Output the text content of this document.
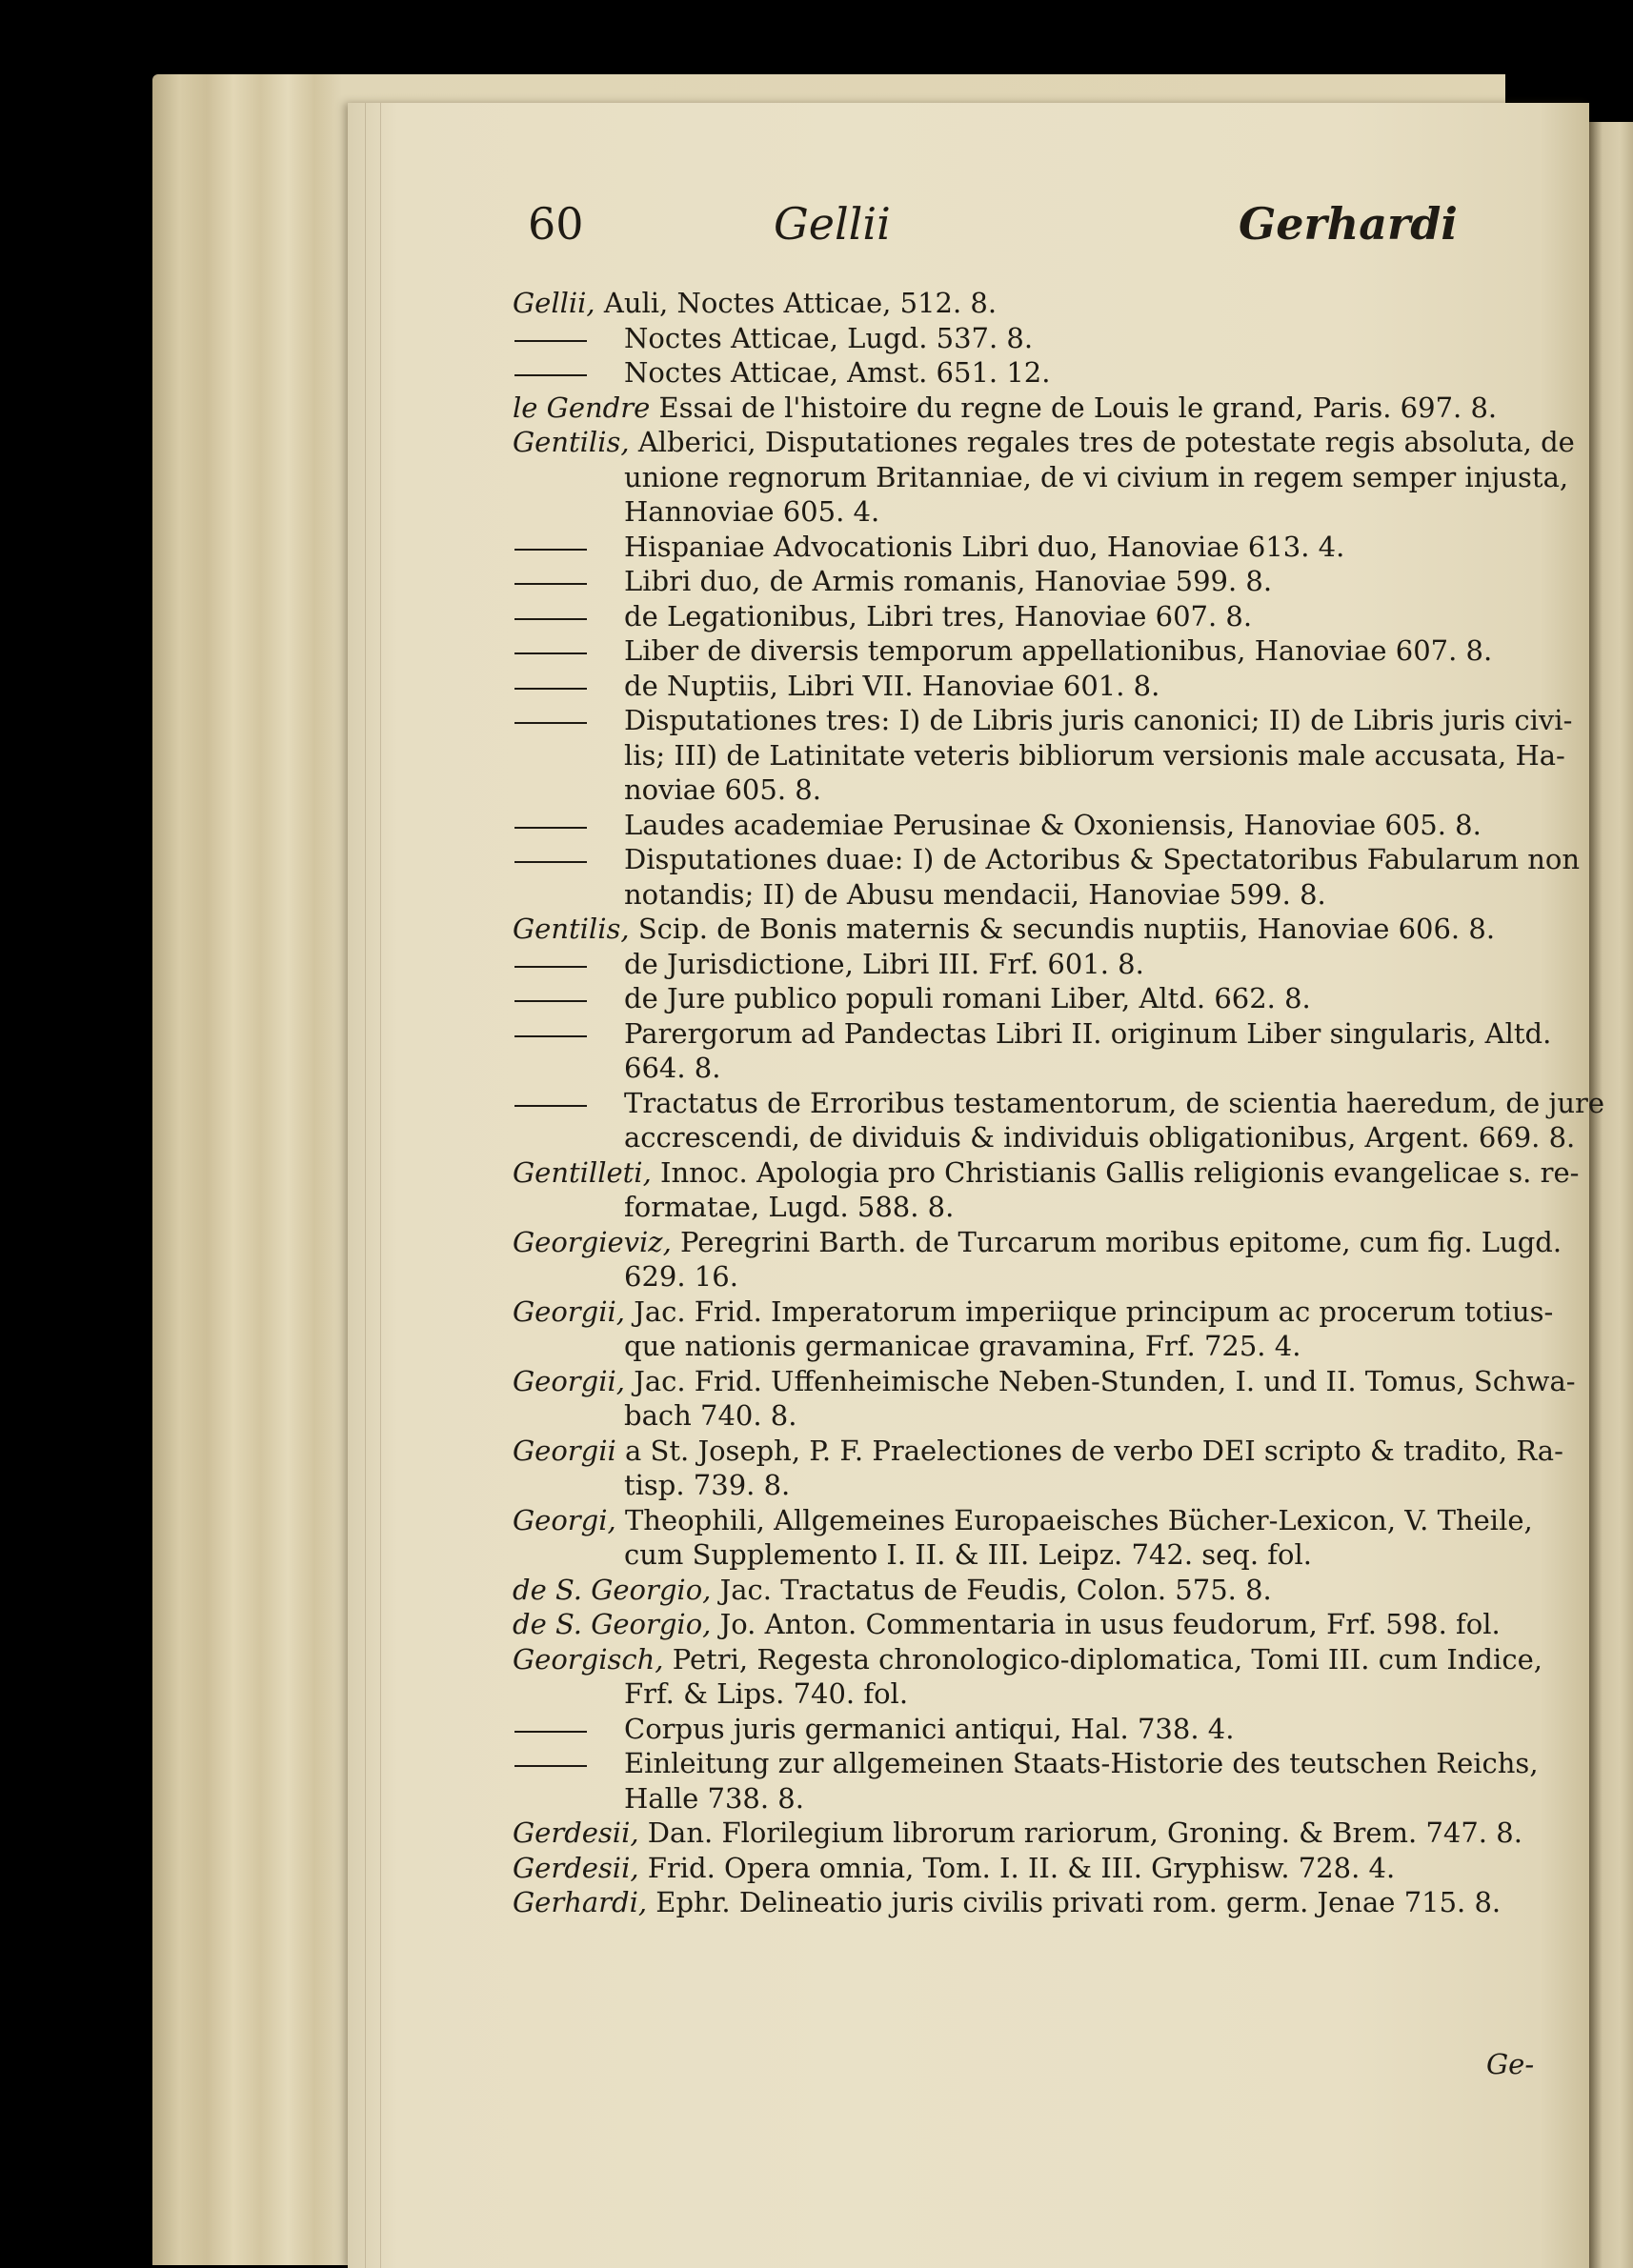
60	Gellii	Gerhardi
Gellii, Auli, Noctes Atticae, 512. 8.
Noctes Atticae, Lugd. 537. 8.
Noctes Atticae, Amst. 651. 12.
le Gendre Essai de l'histoire du regne de Louis le grand, Paris. 697. 8.
Gentilis, Alberici, Disputationes regales tres de potestate regis absoluta, de
unione regnorum Britanniae, de vi civium in regem semper injusta,
Hannoviae 605. 4.
Hispaniae Advocationis Libri duo, Hanoviae 613. 4.
Libri duo, de Armis romanis, Hanoviae 599. 8.
de Legationibus, Libri tres, Hanoviae 607. 8.
Liber de diversis temporum appellationibus, Hanoviae 607. 8.
de Nuptiis, Libri VII. Hanoviae 601. 8.
Disputationes tres: I) de Libris juris canonici; II) de Libris juris civi-
lis; III) de Latinitate veteris bibliorum versionis male accusata, Ha-
noviae 605. 8.
Laudes academiae Perusinae & Oxoniensis, Hanoviae 605. 8.
Disputationes duae: I) de Actoribus & Spectatoribus Fabularum non
notandis; II) de Abusu mendacii, Hanoviae 599. 8.
Gentilis, Scip. de Bonis maternis & secundis nuptiis, Hanoviae 606. 8.
de Jurisdictione, Libri III. Frf. 601. 8.
de Jure publico populi romani Liber, Altd. 662. 8.
Parergorum ad Pandectas Libri II. originum Liber singularis, Altd.
664. 8.
Tractatus de Erroribus testamentorum, de scientia haeredum, de jure
accrescendi, de dividuis & individuis obligationibus, Argent. 669. 8.
Gentilleti, Innoc. Apologia pro Christianis Gallis religionis evangelicae s. re-
formatae, Lugd. 588. 8.
Georgieviz, Peregrini Barth. de Turcarum moribus epitome, cum fig. Lugd.
629. 16.
Georgii, Jac. Frid. Imperatorum imperiique principum ac procerum totius-
que nationis germanicae gravamina, Frf. 725. 4.
Georgii, Jac. Frid. Uffenheimische Neben-Stunden, I. und II. Tomus, Schwa-
bach 740. 8.
Georgii a St. Joseph, P. F. Praelectiones de verbo DEI scripto & tradito, Ra-
tisp. 739. 8.
Georgi, Theophili, Allgemeines Europaeisches Bücher-Lexicon, V. Theile,
cum Supplemento I. II. & III. Leipz. 742. seq. fol.
de S. Georgio, Jac. Tractatus de Feudis, Colon. 575. 8.
de S. Georgio, Jo. Anton. Commentaria in usus feudorum, Frf. 598. fol.
Georgisch, Petri, Regesta chronologico-diplomatica, Tomi III. cum Indice,
Frf. & Lips. 740. fol.
Corpus juris germanici antiqui, Hal. 738. 4.
Einleitung zur allgemeinen Staats-Historie des teutschen Reichs,
Halle 738. 8.
Gerdesii, Dan. Florilegium librorum rariorum, Groning. & Brem. 747. 8.
Gerdesii, Frid. Opera omnia, Tom. I. II. & III. Gryphisw. 728. 4.
Gerhardi, Ephr. Delineatio juris civilis privati rom. germ. Jenae 715. 8.
Ge-
